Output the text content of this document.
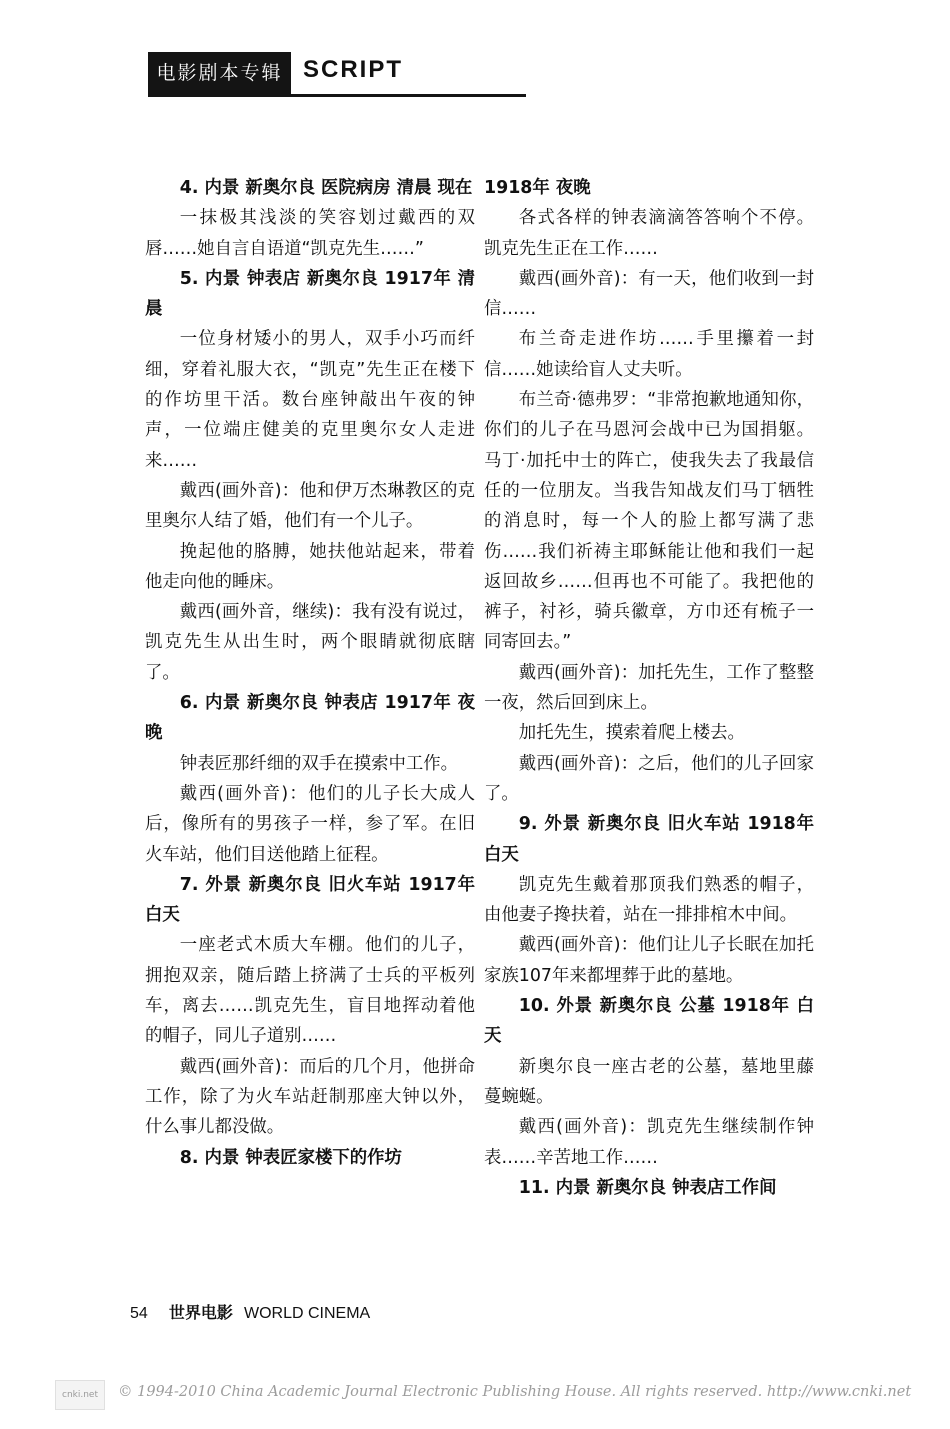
电影剧本专辑 SCRIPT

4. 内景 新奥尔良 医院病房 清晨 现在

一抹极其浅淡的笑容划过戴西的双唇……她自言自语道“凯克先生……”

5. 内景 钟表店 新奥尔良 1917年 清晨

一位身材矮小的男人，双手小巧而纤细，穿着礼服大衣，“凯克”先生正在楼下的作坊里干活。数台座钟敲出午夜的钟声，一位端庄健美的克里奥尔女人走进来……

戴西(画外音)：他和伊万杰琳教区的克里奥尔人结了婚，他们有一个儿子。

挽起他的胳膊，她扶他站起来，带着他走向他的睡床。

戴西(画外音，继续)：我有没有说过，凯克先生从出生时，两个眼睛就彻底瞎了。

6. 内景 新奥尔良 钟表店 1917年 夜晚

钟表匠那纤细的双手在摸索中工作。

戴西(画外音)：他们的儿子长大成人后，像所有的男孩子一样，参了军。在旧火车站，他们目送他踏上征程。

7. 外景 新奥尔良 旧火车站 1917年 白天

一座老式木质大车棚。他们的儿子，拥抱双亲，随后踏上挤满了士兵的平板列车，离去……凯克先生，盲目地挥动着他的帽子，同儿子道别……

戴西(画外音)：而后的几个月，他拼命工作，除了为火车站赶制那座大钟以外，什么事儿都没做。

8. 内景 钟表匠家楼下的作坊

1918年 夜晚

各式各样的钟表滴滴答答响个不停。凯克先生正在工作……

戴西(画外音)：有一天，他们收到一封信……

布兰奇走进作坊……手里攥着一封信……她读给盲人丈夫听。

布兰奇·德弗罗：“非常抱歉地通知你，你们的儿子在马恩河会战中已为国捐躯。马丁·加托中士的阵亡，使我失去了我最信任的一位朋友。当我告知战友们马丁牺牲的消息时，每一个人的脸上都写满了悲伤……我们祈祷主耶稣能让他和我们一起返回故乡……但再也不可能了。我把他的裤子，衬衫，骑兵徽章，方巾还有梳子一同寄回去。”

戴西(画外音)：加托先生，工作了整整一夜，然后回到床上。

加托先生，摸索着爬上楼去。

戴西(画外音)：之后，他们的儿子回家了。

9. 外景 新奥尔良 旧火车站 1918年 白天

凯克先生戴着那顶我们熟悉的帽子，由他妻子搀扶着，站在一排排棺木中间。

戴西(画外音)：他们让儿子长眠在加托家族107年来都埋葬于此的墓地。

10. 外景 新奥尔良 公墓 1918年 白天

新奥尔良一座古老的公墓，墓地里藤蔓蜿蜒。

戴西(画外音)：凯克先生继续制作钟表……辛苦地工作……

11. 内景 新奥尔良 钟表店工作间

54 世界电影 WORLD CINEMA
cnki.net	© 1994-2010 China Academic Journal Electronic Publishing House. All rights reserved. http://www.cnki.net
